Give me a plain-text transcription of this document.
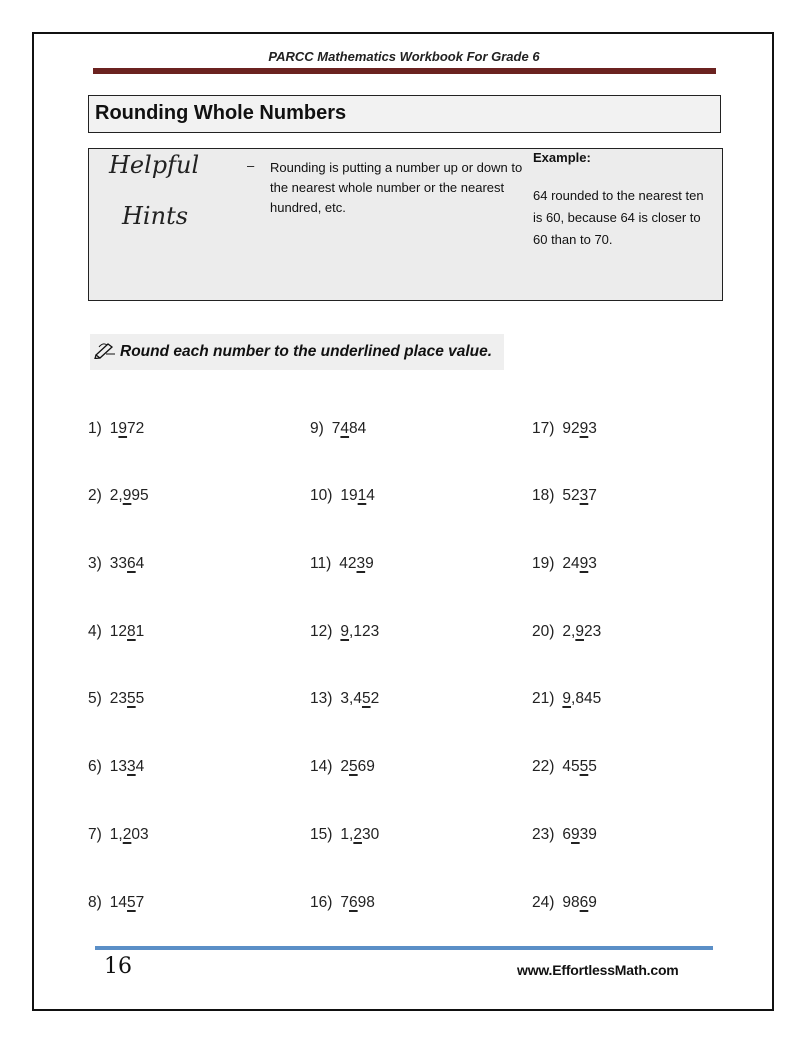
PARCC Mathematics Workbook For Grade 6
Rounding Whole Numbers
Helpful
Hints
– Rounding is putting a number up or down to the nearest whole number or the nearest hundred, etc.
Example:
64 rounded to the nearest ten is 60, because 64 is closer to 60 than to 70.
Round each number to the underlined place value.
1) 1972
2) 2,995
3) 3364
4) 1281
5) 2355
6) 1334
7) 1,203
8) 1457
9) 7484
10) 1914
11) 4239
12) 9,123
13) 3,452
14) 2569
15) 1,230
16) 7698
17) 9293
18) 5237
19) 2493
20) 2,923
21) 9,845
22) 4555
23) 6939
24) 9869
16	www.EffortlessMath.com
